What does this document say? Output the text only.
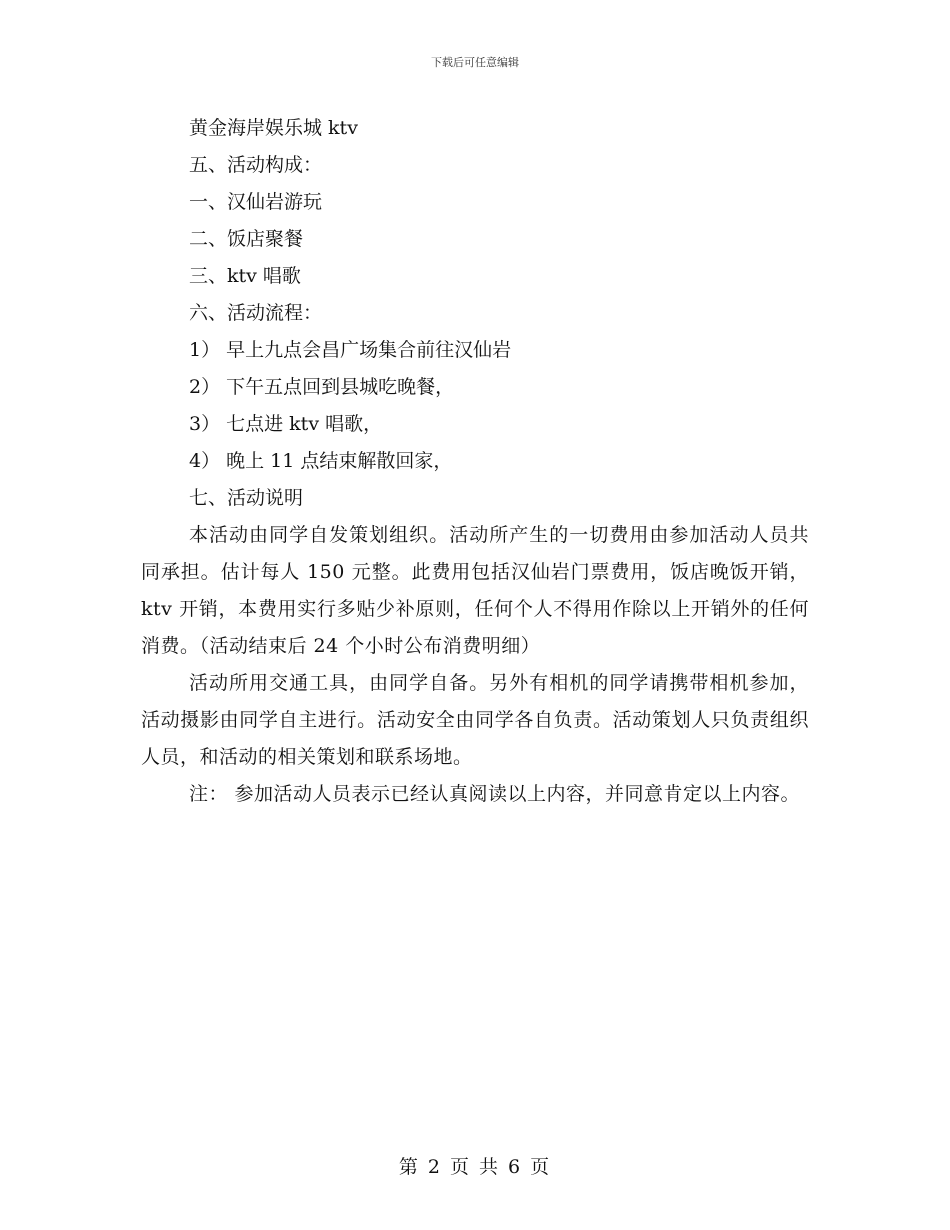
下载后可任意编辑

黄金海岸娱乐城 ktv

五、活动构成：

一、汉仙岩游玩

二、饭店聚餐

三、ktv 唱歌

六、活动流程：

1） 早上九点会昌广场集合前往汉仙岩

2） 下午五点回到县城吃晚餐，

3） 七点进 ktv 唱歌，

4） 晚上 11 点结束解散回家，

七、活动说明

本活动由同学自发策划组织。活动所产生的一切费用由参加活动人员共同承担。估计每人 150 元整。此费用包括汉仙岩门票费用，饭店晚饭开销，ktv 开销，本费用实行多贴少补原则，任何个人不得用作除以上开销外的任何消费。（活动结束后 24 个小时公布消费明细）

活动所用交通工具，由同学自备。另外有相机的同学请携带相机参加，活动摄影由同学自主进行。活动安全由同学各自负责。活动策划人只负责组织人员，和活动的相关策划和联系场地。

注： 参加活动人员表示已经认真阅读以上内容，并同意肯定以上内容。

第 2 页 共 6 页
